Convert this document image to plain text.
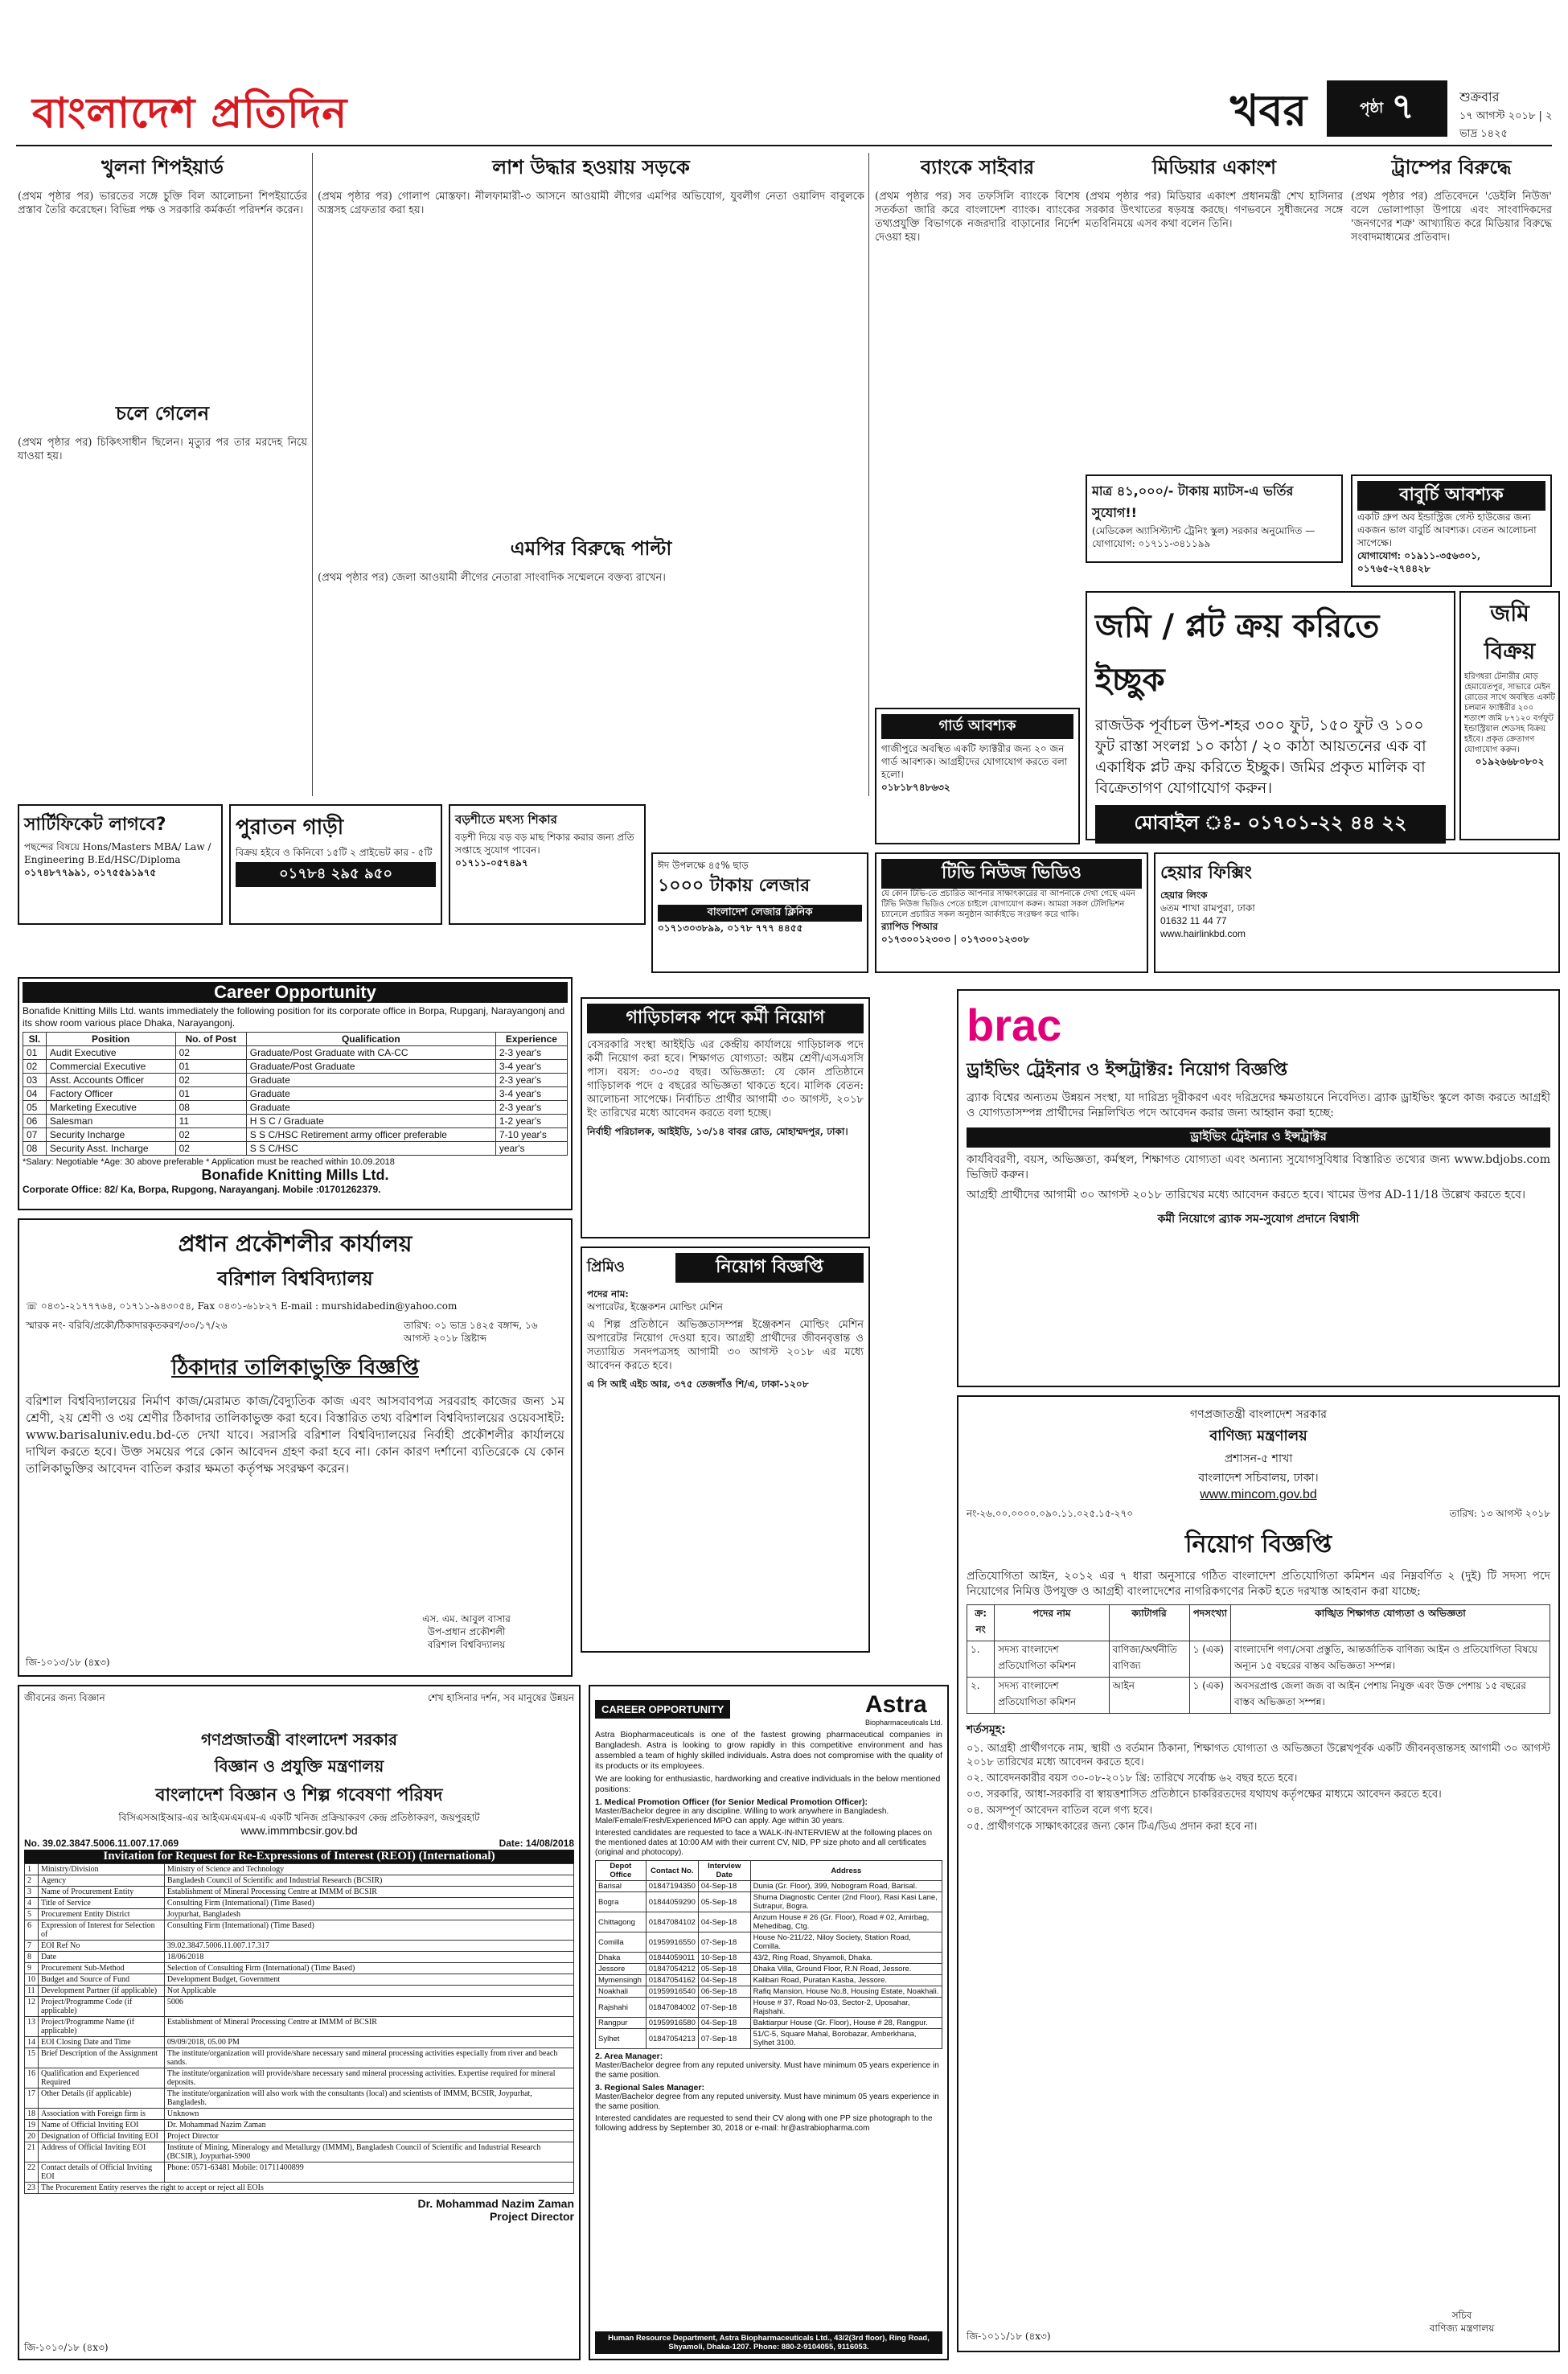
বাংলাদেশ প্রতিদিন	খবর	পৃষ্ঠা ৭	শুক্রবার
১৭ আগস্ট ২০১৮ | ২ ভাদ্র ১৪২৫
খুলনা শিপইয়ার্ড
(প্রথম পৃষ্ঠার পর) ভারতের সঙ্গে চুক্তি বিল আলোচনা শিপইয়ার্ডের প্রস্তাব তৈরি করেছেন। বিভিন্ন পক্ষ ও সরকারি কর্মকর্তা পরিদর্শন করেন।
চলে গেলেন
(প্রথম পৃষ্ঠার পর) চিকিৎসাধীন ছিলেন। মৃত্যুর পর তার মরদেহ নিয়ে যাওয়া হয়।
লাশ উদ্ধার হওয়ায় সড়কে
(প্রথম পৃষ্ঠার পর) গোলাপ মোস্তফা। নীলফামারী-৩ আসনে আওয়ামী লীগের এমপির অভিযোগ, যুবলীগ নেতা ওয়ালিদ বাবুলকে অস্ত্রসহ গ্রেফতার করা হয়।
এমপির বিরুদ্ধে পাল্টা
(প্রথম পৃষ্ঠার পর) জেলা আওয়ামী লীগের নেতারা সাংবাদিক সম্মেলনে বক্তব্য রাখেন।
ব্যাংকে সাইবার
(প্রথম পৃষ্ঠার পর) সব তফসিলি ব্যাংকে বিশেষ সতর্কতা জারি করে বাংলাদেশ ব্যাংক। ব্যাংকের তথ্যপ্রযুক্তি বিভাগকে নজরদারি বাড়ানোর নির্দেশ দেওয়া হয়।
মিডিয়ার একাংশ
(প্রথম পৃষ্ঠার পর) মিডিয়ার একাংশ প্রধানমন্ত্রী শেখ হাসিনার সরকার উৎখাতের ষড়যন্ত্র করছে। গণভবনে সুধীজনের সঙ্গে মতবিনিময়ে এসব কথা বলেন তিনি।
ট্রাম্পের বিরুদ্ধে
(প্রথম পৃষ্ঠার পর) প্রতিবেদনে 'ডেইলি নিউজ' বলে ভোলাপাড়া উপায়ে এবং সাংবাদিকদের 'জনগণের শত্রু' আখ্যায়িত করে মিডিয়ার বিরুদ্ধে সংবাদমাধ্যমের প্রতিবাদ।
মাত্র ৪১,০০০/- টাকায় ম্যাটস-এ ভর্তির সুযোগ!!
(মেডিকেল অ্যাসিস্ট্যান্ট ট্রেনিং স্কুল) সরকার অনুমোদিত — যোগাযোগ: ০১৭১১-৩৪১১৯৯
বাবুর্চি আবশ্যক
একটি গ্রুপ অব ইন্ডাস্ট্রিজ গেস্ট হাউজের জন্য একজন ভাল বাবুর্চি আবশ্যক। বেতন আলোচনা সাপেক্ষে।
যোগাযোগ: ০১৯১১-৩৫৬৩০১, ০১৭৬৫-২৭৪৪২৮
জমি / প্লট ক্রয় করিতে ইচ্ছুক
রাজউক পূর্বাচল উপ-শহর ৩০০ ফুট, ১৫০ ফুট ও ১০০ ফুট রাস্তা সংলগ্ন ১০ কাঠা / ২০ কাঠা আয়তনের এক বা একাধিক প্লট ক্রয় করিতে ইচ্ছুক। জমির প্রকৃত মালিক বা বিক্রেতাগণ যোগাযোগ করুন।
মোবাইল ঃ- ০১৭০১-২২ ৪৪ ২২
জমি বিক্রয়
হরিণধরা টেনারীর মোড় হেমায়েতপুর, সাভারে মেইন রোডের সাথে অবস্থিত একটি চলমান ফ্যাক্টরীর ২০০ শতাংশ জমি ৮৭১২০ বর্গফুট ইন্ডাস্ট্রিয়াল শেডসহ বিক্রয় হইবে। প্রকৃত ক্রেতাগণ যোগাযোগ করুন।
০১৯২৬৬৮০৮০২
গার্ড আবশ্যক
গাজীপুরে অবস্থিত একটি ফ্যাক্টরীর জন্য ২০ জন গার্ড আবশ্যক। আগ্রহীদের যোগাযোগ করতে বলা হলো।
০১৮১৮৭৪৮৬৩২
সার্টিফিকেট লাগবে?
পছন্দের বিষয়ে Hons/Masters MBA/ Law / Engineering B.Ed/HSC/Diploma
০১৭৪৮৭৭৯৯১, ০১৭৫৫৯১৯৭৫
পুরাতন গাড়ী
বিক্রয় হইবে ও কিনিবো ১৫টি ২ প্রাইভেট কার - ৫টি
০১৭৮৪ ২৯৫ ৯৫০
বড়শীতে মৎস্য শিকার
বড়শী দিয়ে বড় বড় মাছ শিকার করার জন্য প্রতি সপ্তাহে সুযোগ পাবেন।
০১৭১১-০৫৭৪৯৭	ঈদ উপলক্ষে ৪৫% ছাড়
১০০০ টাকায় লেজার
বাংলাদেশ লেজার ক্লিনিক
০১৭১৩০৩৮৯৯, ০১৭৮ ৭৭৭ ৪৪৫৫
টিভি নিউজ ভিডিও
যে কোন টিভি-তে প্রচারিত আপনার সাক্ষাৎকারের বা আপনাকে দেখা গেছে এমন টিভি নিউজ ভিডিও পেতে চাইলে যোগাযোগ করুন। আমরা সকল টেলিভিশন চ্যানেলে প্রচারিত সকল অনুষ্ঠান আর্কাইভে সংরক্ষণ করে থাকি।
র‍্যাপিড পিআর
০১৭৩০০১২৩০৩ | ০১৭৩০০১২৩০৮
হেয়ার ফিক্সিং
হেয়ার লিংক
৬তম শাখা রামপুরা, ঢাকা
01632 11 44 77
www.hairlinkbd.com
Career Opportunity
Bonafide Knitting Mills Ltd. wants immediately the following position for its corporate office in Borpa, Rupganj, Narayangonj and its show room various place Dhaka, Narayangonj.
Sl.	Position	No. of Post	Qualification	Experience
01	Audit Executive	02	Graduate/Post Graduate with CA-CC	2-3 year's
02	Commercial Executive	01	Graduate/Post Graduate	3-4 year's
03	Asst. Accounts Officer	02	Graduate	2-3 year's
04	Factory Officer	01	Graduate	3-4 year's
05	Marketing Executive	08	Graduate	2-3 year's
06	Salesman	11	H S C / Graduate	1-2 year's
07	Security Incharge	02	S S C/HSC Retirement army officer preferable	7-10 year's
08	Security Asst. Incharge	02	S S C/HSC	year's
*Salary: Negotiable *Age: 30 above preferable * Application must be reached within 10.09.2018
Bonafide Knitting Mills Ltd.
Corporate Office: 82/ Ka, Borpa, Rupgong, Narayanganj. Mobile :01701262379.
প্রধান প্রকৌশলীর কার্যালয়
বরিশাল বিশ্ববিদ্যালয়
☏ ০৪৩১-২১৭৭৭৬৪, ০১৭১১-৯৪৩০৫৪, Fax ০৪৩১-৬১৮২৭ E-mail : murshidabedin@yahoo.com
স্মারক নং- বরিবি/প্রকৌ/ঠিকাদারকৃতকরণ/৩০/১৭/২৬	তারিখ: ০১ ভাদ্র ১৪২৫ বঙ্গাব্দ, ১৬ আগস্ট ২০১৮ খ্রিষ্টাব্দ
ঠিকাদার তালিকাভুক্তি বিজ্ঞপ্তি
বরিশাল বিশ্ববিদ্যালয়ের নির্মাণ কাজ/মেরামত কাজ/বৈদ্যুতিক কাজ এবং আসবাবপত্র সরবরাহ কাজের জন্য ১ম শ্রেণী, ২য় শ্রেণী ও ৩য় শ্রেণীর ঠিকাদার তালিকাভুক্ত করা হবে। বিস্তারিত তথ্য বরিশাল বিশ্ববিদ্যালয়ের ওয়েবসাইট: www.barisaluniv.edu.bd-তে দেখা যাবে। সরাসরি বরিশাল বিশ্ববিদ্যালয়ের নির্বাহী প্রকৌশলীর কার্যালয়ে দাখিল করতে হবে। উক্ত সময়ের পরে কোন আবেদন গ্রহণ করা হবে না। কোন কারণ দর্শানো ব্যতিরেকে যে কোন তালিকাভুক্তির আবেদন বাতিল করার ক্ষমতা কর্তৃপক্ষ সংরক্ষণ করেন।
এস. এম. আবুল বাসার
উপ-প্রধান প্রকৌশলী
বরিশাল বিশ্ববিদ্যালয়
জি-১০১৩/১৮ (৪x৩)
গাড়িচালক পদে কর্মী নিয়োগ
বেসরকারি সংস্থা আইইডি এর কেন্দ্রীয় কার্যালয়ে গাড়িচালক পদে কর্মী নিয়োগ করা হবে। শিক্ষাগত যোগ্যতা: অষ্টম শ্রেণী/এসএসসি পাস। বয়স: ৩০-৩৫ বছর। অভিজ্ঞতা: যে কোন প্রতিষ্ঠানে গাড়িচালক পদে ৫ বছরের অভিজ্ঞতা থাকতে হবে। মালিক বেতন: আলোচনা সাপেক্ষে। নির্বাচিত প্রার্থীর আগামী ৩০ আগস্ট, ২০১৮ ইং তারিখের মধ্যে আবেদন করতে বলা হচ্ছে।
নির্বাহী পরিচালক, আইইডি, ১৩/১৪ বাবর রোড, মোহাম্মদপুর, ঢাকা।
প্রিমিও	নিয়োগ বিজ্ঞপ্তি
পদের নাম:
অপারেটর, ইঞ্জেকশন মোল্ডিং মেশিন
এ শিল্প প্রতিষ্ঠানে অভিজ্ঞতাসম্পন্ন ইঞ্জেকশন মোল্ডিং মেশিন অপারেটর নিয়োগ দেওয়া হবে। আগ্রহী প্রার্থীদের জীবনবৃত্তান্ত ও সত্যায়িত সনদপত্রসহ আগামী ৩০ আগস্ট ২০১৮ এর মধ্যে আবেদন করতে হবে।
এ সি আই এইচ আর, ৩৭৫ তেজগাঁও শি/এ, ঢাকা-১২০৮
brac
ড্রাইভিং ট্রেইনার ও ইন্সট্রাক্টর: নিয়োগ বিজ্ঞপ্তি
ব্র্যাক বিশ্বের অন্যতম উন্নয়ন সংস্থা, যা দারিদ্র্য দূরীকরণ এবং দরিদ্রদের ক্ষমতায়নে নিবেদিত। ব্র্যাক ড্রাইভিং স্কুলে কাজ করতে আগ্রহী ও যোগ্যতাসম্পন্ন প্রার্থীদের নিম্নলিখিত পদে আবেদন করার জন্য আহ্বান করা হচ্ছে:
ড্রাইভিং ট্রেইনার ও ইন্সট্রাক্টর
কার্যবিবরণী, বয়স, অভিজ্ঞতা, কর্মস্থল, শিক্ষাগত যোগ্যতা এবং অন্যান্য সুযোগসুবিধার বিস্তারিত তথ্যের জন্য www.bdjobs.com ভিজিট করুন।
আগ্রহী প্রার্থীদের আগামী ৩০ আগস্ট ২০১৮ তারিখের মধ্যে আবেদন করতে হবে। খামের উপর AD-11/18 উল্লেখ করতে হবে।
কর্মী নিয়োগে ব্র্যাক সম-সুযোগ প্রদানে বিশ্বাসী
গণপ্রজাতন্ত্রী বাংলাদেশ সরকার
বাণিজ্য মন্ত্রণালয়
প্রশাসন-৫ শাখা
বাংলাদেশ সচিবালয়, ঢাকা।
www.mincom.gov.bd
নং-২৬.০০.০০০০.০৯০.১১.০২৫.১৫-২৭০	তারিখ: ১৩ আগস্ট ২০১৮
নিয়োগ বিজ্ঞপ্তি
প্রতিযোগিতা আইন, ২০১২ এর ৭ ধারা অনুসারে গঠিত বাংলাদেশ প্রতিযোগিতা কমিশন এর নিম্নবর্ণিত ২ (দুই) টি সদস্য পদে নিয়োগের নিমিত্ত উপযুক্ত ও আগ্রহী বাংলাদেশের নাগরিকগণের নিকট হতে দরখাস্ত আহবান করা যাচ্ছে:
ক্র: নং	পদের নাম	ক্যাটাগরি	পদসংখ্যা	কাঙ্খিত শিক্ষাগত যোগ্যতা ও অভিজ্ঞতা
১.	সদস্য বাংলাদেশ প্রতিযোগিতা কমিশন	বাণিজ্য/অর্থনীতি বাণিজ্য	১ (এক)	বাংলাদেশি গণ্য/সেবা প্রস্তুতি, আন্তর্জাতিক বাণিজ্য আইন ও প্রতিযোগিতা বিষয়ে অন্যূন ১৫ বছরের বাস্তব অভিজ্ঞতা সম্পন্ন।
২.	সদস্য বাংলাদেশ প্রতিযোগিতা কমিশন	আইন	১ (এক)	অবসরপ্রাপ্ত জেলা জজ বা আইন পেশায় নিযুক্ত এবং উক্ত পেশায় ১৫ বছরের বাস্তব অভিজ্ঞতা সম্পন্ন।
শর্তসমূহ:
০১. আগ্রহী প্রার্থীগণকে নাম, স্থায়ী ও বর্তমান ঠিকানা, শিক্ষাগত যোগ্যতা ও অভিজ্ঞতা উল্লেখপূর্বক একটি জীবনবৃত্তান্তসহ আগামী ৩০ আগস্ট ২০১৮ তারিখের মধ্যে আবেদন করতে হবে।
০২. আবেদনকারীর বয়স ৩০-০৮-২০১৮ খ্রি: তারিখে সর্বোচ্চ ৬২ বছর হতে হবে।
০৩. সরকারি, আধা-সরকারি বা স্বায়ত্তশাসিত প্রতিষ্ঠানে চাকরিরতদের যথাযথ কর্তৃপক্ষের মাধ্যমে আবেদন করতে হবে।
০৪. অসম্পূর্ণ আবেদন বাতিল বলে গণ্য হবে।
০৫. প্রার্থীগণকে সাক্ষাৎকারের জন্য কোন টিএ/ডিএ প্রদান করা হবে না।
সচিব
বাণিজ্য মন্ত্রণালয়
জি-১০১১/১৮ (৪x৩)
জীবনের জন্য বিজ্ঞান	শেখ হাসিনার দর্শন, সব মানুষের উন্নয়ন
গণপ্রজাতন্ত্রী বাংলাদেশ সরকার
বিজ্ঞান ও প্রযুক্তি মন্ত্রণালয়
বাংলাদেশ বিজ্ঞান ও শিল্প গবেষণা পরিষদ
বিসিএসআইআর-এর আইএমএমএম-এ একটি খনিজ প্রক্রিয়াকরণ কেন্দ্র প্রতিষ্ঠাকরণ, জয়পুরহাট
www.immmbcsir.gov.bd
No. 39.02.3847.5006.11.007.17.069	Date: 14/08/2018
Invitation for Request for Re-Expressions of Interest (REOI) (International)
1	Ministry/Division	Ministry of Science and Technology
2	Agency	Bangladesh Council of Scientific and Industrial Research (BCSIR)
3	Name of Procurement Entity	Establishment of Mineral Processing Centre at IMMM of BCSIR
4	Title of Service	Consulting Firm (International) (Time Based)
5	Procurement Entity District	Joypurhat, Bangladesh
6	Expression of Interest for Selection of	Consulting Firm (International) (Time Based)
7	EOI Ref No	39.02.3847.5006.11.007.17.317
8	Date	18/06/2018
9	Procurement Sub-Method	Selection of Consulting Firm (International) (Time Based)
10	Budget and Source of Fund	Development Budget, Government
11	Development Partner (if applicable)	Not Applicable
12	Project/Programme Code (if applicable)	5006
13	Project/Programme Name (if applicable)	Establishment of Mineral Processing Centre at IMMM of BCSIR
14	EOI Closing Date and Time	09/09/2018, 05.00 PM
15	Brief Description of the Assignment	The institute/organization will provide/share necessary sand mineral processing activities especially from river and beach sands.
16	Qualification and Experienced Required	The institute/organization will provide/share necessary sand mineral processing activities. Expertise required for mineral deposits.
17	Other Details (if applicable)	The institute/organization will also work with the consultants (local) and scientists of IMMM, BCSIR, Joypurhat, Bangladesh.
18	Association with Foreign firm is	Unknown
19	Name of Official Inviting EOI	Dr. Mohammad Nazim Zaman
20	Designation of Official Inviting EOI	Project Director
21	Address of Official Inviting EOI	Institute of Mining, Mineralogy and Metallurgy (IMMM), Bangladesh Council of Scientific and Industrial Research (BCSIR), Joypurhat-5900
22	Contact details of Official Inviting EOI	Phone: 0571-63481 Mobile: 01711400899
23	The Procurement Entity reserves the right to accept or reject all EOIs	
Dr. Mohammad Nazim Zaman
Project Director
জি-১০১০/১৮ (৪x৩)
CAREER OPPORTUNITY	Astra
Biopharmaceuticals Ltd.
Astra Biopharmaceuticals is one of the fastest growing pharmaceutical companies in Bangladesh. Astra is looking to grow rapidly in this competitive environment and has assembled a team of highly skilled individuals. Astra does not compromise with the quality of its products or its employees.
We are looking for enthusiastic, hardworking and creative individuals in the below mentioned positions:
1. Medical Promotion Officer (for Senior Medical Promotion Officer):
Master/Bachelor degree in any discipline. Willing to work anywhere in Bangladesh. Male/Female/Fresh/Experienced MPO can apply. Age within 30 years.
Interested candidates are requested to face a WALK-IN-INTERVIEW at the following places on the mentioned dates at 10:00 AM with their current CV, NID, PP size photo and all certificates (original and photocopy).
Depot Office	Contact No.	Interview Date	Address
Barisal	01847194350	04-Sep-18	Dunia (Gr. Floor), 399, Nobogram Road, Barisal.
Bogra	01844059290	05-Sep-18	Shuma Diagnostic Center (2nd Floor), Rasi Kasi Lane, Sutrapur, Bogra.
Chittagong	01847084102	04-Sep-18	Anzum House # 26 (Gr. Floor), Road # 02, Amirbag, Mehedibag, Ctg.
Comilla	01959916550	07-Sep-18	House No-211/22, Niloy Society, Station Road, Comilla.
Dhaka	01844059011	10-Sep-18	43/2, Ring Road, Shyamoli, Dhaka.
Jessore	01847054212	05-Sep-18	Dhaka Villa, Ground Floor, R.N Road, Jessore.
Mymensingh	01847054162	04-Sep-18	Kalibari Road, Puratan Kasba, Jessore.
Noakhali	01959916540	06-Sep-18	Rafiq Mansion, House No.8, Housing Estate, Noakhali.
Rajshahi	01847084002	07-Sep-18	House # 37, Road No-03, Sector-2, Uposahar, Rajshahi.
Rangpur	01959916580	04-Sep-18	Baktiarpur House (Gr. Floor), House # 28, Rangpur.
Sylhet	01847054213	07-Sep-18	51/C-5, Square Mahal, Borobazar, Amberkhana, Sylhet 3100.
2. Area Manager:
Master/Bachelor degree from any reputed university. Must have minimum 05 years experience in the same position.
3. Regional Sales Manager:
Master/Bachelor degree from any reputed university. Must have minimum 05 years experience in the same position.
Interested candidates are requested to send their CV along with one PP size photograph to the following address by September 30, 2018 or e-mail: hr@astrabiopharma.com
Human Resource Department, Astra Biopharmaceuticals Ltd., 43/2(3rd floor), Ring Road, Shyamoli, Dhaka-1207. Phone: 880-2-9104055, 9116053.
